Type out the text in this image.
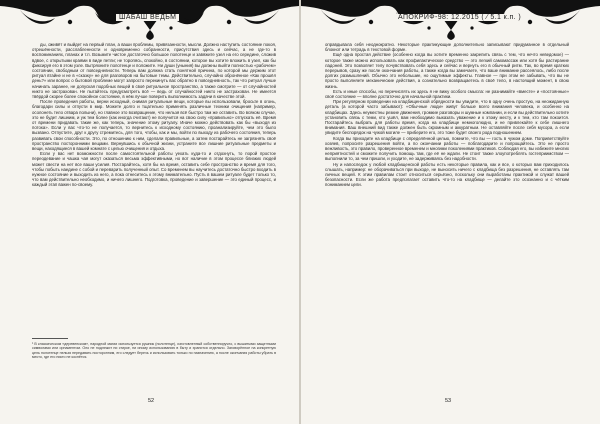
ШАБАШ ВЕДЬМ

ды, оживёт и выйдет на первый план, а ваши проблемы, привязанности, мысли. Должно наступить состояние покоя, отрешённости, расслабленности и одновременно собранности, присутствия здесь и сейчас, а не где-то в воспоминаниях, планах и т.п. Возьмите чистое достаточно большое полотенце и завяжите узел на его середине, сложив вдвое, с открытыми краями в виде петли; не торопясь, спокойно, в состоянии, которое вы хотите вложить в узел, как бы фиксируя его в этом узле. Вытряхните полотенце и положите. Ни души (уныния) вы должны выйти полностью «рабочем» состоянии, свободным от повседневности. Теперь вам должна стать понятной причина, по которой мы держим этот ритуал втайне и не в «сказку» не для разговоров на бытовые темы. Действительно, случайно обронённое «Как прошёл день?» или вопрос о бытовой проблеме могут запросто перекинуть вас обратно в повседневность, так что ритуал лучше начинать заранее, не допуская подобных вещей в своё ритуальное пространство, а также смотрите — от случайностей никто не застрахован. Не пытайтесь предусмотреть всё — ведь от случайностей никто не застрахован. Не имеется твёрдой скорее более спокойное состояние, в нём лучше поверить выполнимость задачи в качестве этой.

После проведения работы, верни исходный, снимая ритуальные вещи, которые вы использовали, бросьте в огонь, благодари силы и отпусти в мир. Можете долго и тщательно применять различные техники очищения (например, осолонеть тело отвара полыни), но главное это возвращение, что нельзя всё быстро там же оставить. Во всяком случае, это не будет лишним, и уж тем более (как иногда считают) не получится на свою силу «правильно» отпускать её. Время от времени придавать такие же, как теперь, значение этому ритуалу. Иначе можно действовать как бы «выходя из потока». Если у вас что-то не получается, то вернитесь к исходному состоянию, проанализируйте, чем это было вызвано. Отпустите, друг к другу стремитесь, для того, чтобы, как и мы, войти по выходу из рабочего состояния, теперь развивать свои способности. Это, по отношению к ним, сделали правильные, а затем постарайтесь не загрязнять своё пространство посторонними вещами. Вернувшись к обычной жизни, устраните все лишние ритуальные предметы и вещи, находящиеся в вашей комнате с целью очищения и отдыха.

Если у вас нет возможности после самостоятельной работы уехать куда-то и отдохнуть, то порой простое переодевание и чашка чая могут оказаться весьма эффективными, но вот наличие в этом процессе близких людей может свести на нет все ваши усилия. Постарайтесь, хотя бы на время, оставить себе пространство и время для того, чтобы побыть наедине с собой и переварить полученный опыт. Со временем вы научитесь достаточно быстро входить в нужное состояние и выходить из него, а пока отнеситесь к этому внимательно. Пусть в вашем ритуале будет только то, что вам действительно необходимо, и ничего лишнего. Подготовка, проведение и завершение — это единый процесс, и каждый этап важен по-своему.

¹ В классическом «деревенском», народной магии используется рушник (полотенце), изготовленный собственноручно, с вышитыми защитными символами или орнаментом. Оно не подлежит ни стирке, ни иному использованию в быту и хранится отдельно. Заговорённое на конкретную цель полотенце нельзя передавать посторонним, его следует беречь и использовать только по назначению, а после окончания работы убрать в место, где его никто не коснётся.
52
АПОКРИФ-98: 12.2015 ( ⁄ 5.1 к.п. )

оправдывала себя неоднократно. Некоторые практикующие дополнительно записывают придуманное в отдельный блокнот или тетрадь в текстовой форме.

Ещё одна простая действие (особенно когда вы хотите временно закрепить связь с тем, что нечто неведомое) — которое также можно использовать как профилактическое средство — это легкий самомассаж или хотя бы растирание ладоней. Это позволяет телу почувствовать себя здесь и сейчас и вернуть его в обычный ритм. Так, во время кратких перерывов, сразу же после окончания работы, а также когда вы замечаете, что ваше внимание рассеялось, либо после долгих размышлений. Обычно это небольшие, но ощутимые эффекты. Главное — при этом не забывать, что вы не просто выполняете механические действия, а сознательно возвращаетесь в своё тело, в настоящий момент, в свою жизнь.

Есть и иные способы, но перечислять их здесь я не вижу особого смысла: не разнимайте «вместе» и «постоянные» своё состояние — вполне достаточно для начальной практики.

При регулярном проведении на кладбищенской обрядности вы увидите, что в одну очень простую, на неожиданную деталь (а которой часто забывают): «Обычные люди» живут больше всего внимания человека, и особенно на кладбищах. Здесь неуместны резкие движения, громкие разговоры и шумные компании, и если вы действительно хотите установить связь с теми, кто ушёл, вам необходимо выказать уважение и к этому месту, и к тем, кто там покоится. Постарайтесь выбрать для работы время, когда на кладбище немноголюдно, и не привлекайте к себе лишнего внимания. Ваш внешний вид также должен быть скромным и аккуратным. Не оставляйте после себя мусора, а если увидите беспорядок на чужой могиле — приберите его, это тоже будет своего рода подношением.

Когда вы приходите на кладбище с определённой целью, помните, что вы — гость в чужом доме. Поприветствуйте хозяев, попросите разрешения войти, а по окончании работы — поблагодарите и попрощайтесь. Это не просто вежливость, это правило, проверенное временем и многими поколениями практиков. Соблюдая его, вы избежите многих неприятностей и сможете получить помощь там, где её не ждали. Не стоит также злоупотреблять гостеприимством — выполнили то, за чем пришли, и уходите, не задерживаясь без надобности.

Ну и напоследок у любой кладбищенской работы есть некоторые правила, как и все, о которых вам приходилось слышать, например: не оборачиваться при выходе, не выносить ничего с кладбища без разрешения, не оставлять там личных вещей. К этим правилам стоит относиться серьёзно, поскольку они выработаны практикой и служат вашей безопасности. Если же работа предполагает оставить что-то на кладбище — делайте это осознанно и с чётким пониманием цели.

53
